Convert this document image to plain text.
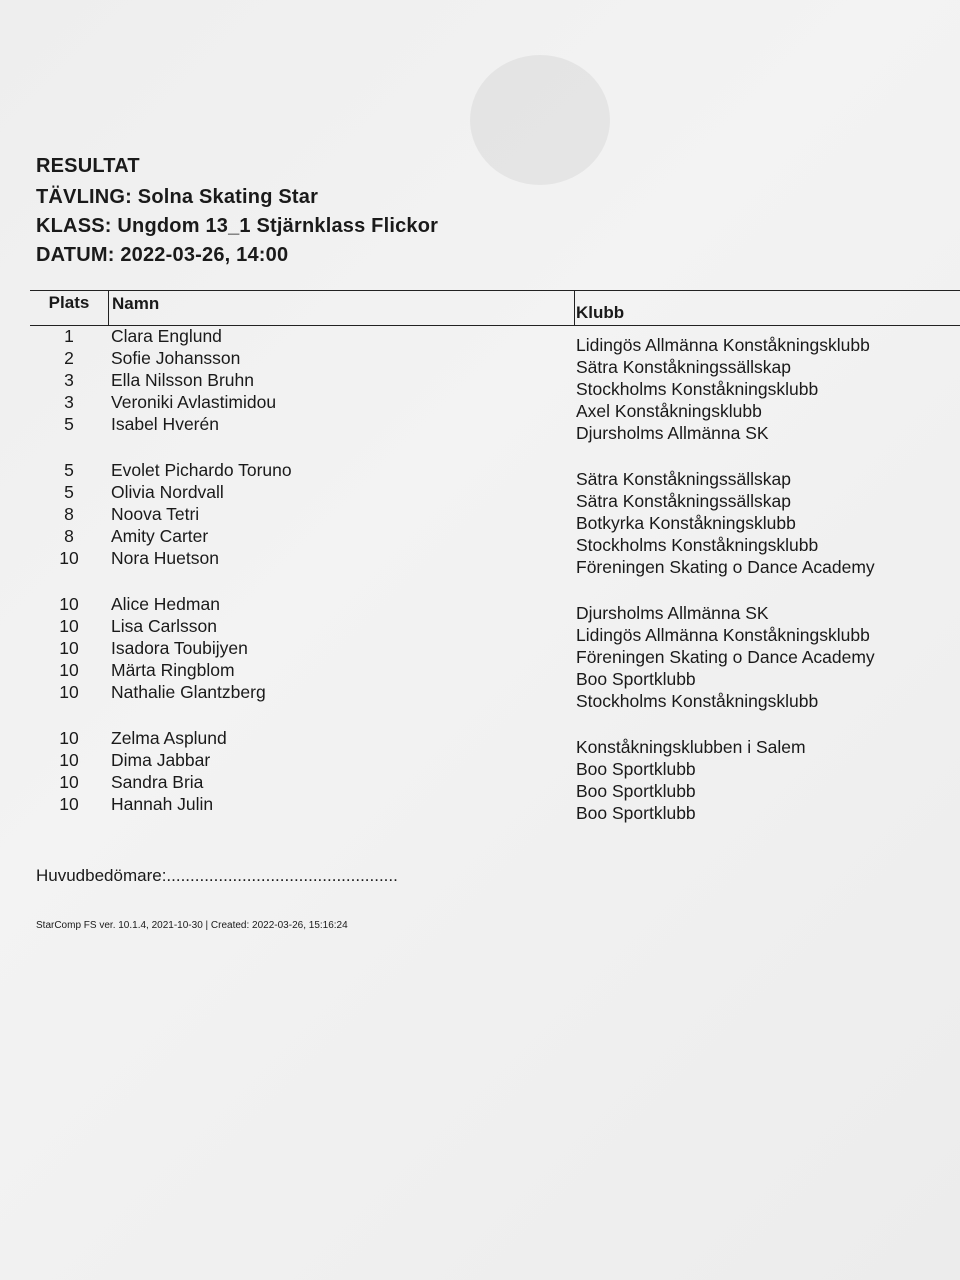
RESULTAT
TÄVLING: Solna Skating Star
KLASS: Ungdom 13_1 Stjärnklass Flickor
DATUM: 2022-03-26, 14:00
Plats	Namn	Klubb
1	Clara Englund	Lidingös Allmänna Konståkningsklubb
2	Sofie Johansson	Sätra Konståkningssällskap
3	Ella Nilsson Bruhn	Stockholms Konståkningsklubb
3	Veroniki Avlastimidou	Axel Konståkningsklubb
5	Isabel Hverén	Djursholms Allmänna SK
5	Evolet Pichardo Toruno	Sätra Konståkningssällskap
5	Olivia Nordvall	Sätra Konståkningssällskap
8	Noova Tetri	Botkyrka Konståkningsklubb
8	Amity Carter	Stockholms Konståkningsklubb
10	Nora Huetson	Föreningen Skating o Dance Academy
10	Alice Hedman	Djursholms Allmänna SK
10	Lisa Carlsson	Lidingös Allmänna Konståkningsklubb
10	Isadora Toubijyen	Föreningen Skating o Dance Academy
10	Märta Ringblom	Boo Sportklubb
10	Nathalie Glantzberg	Stockholms Konståkningsklubb
10	Zelma Asplund	Konståkningsklubben i Salem
10	Dima Jabbar	Boo Sportklubb
10	Sandra Bria	Boo Sportklubb
10	Hannah Julin	Boo Sportklubb
Huvudbedömare:.................................................
StarComp FS ver. 10.1.4, 2021-10-30 | Created: 2022-03-26, 15:16:24
